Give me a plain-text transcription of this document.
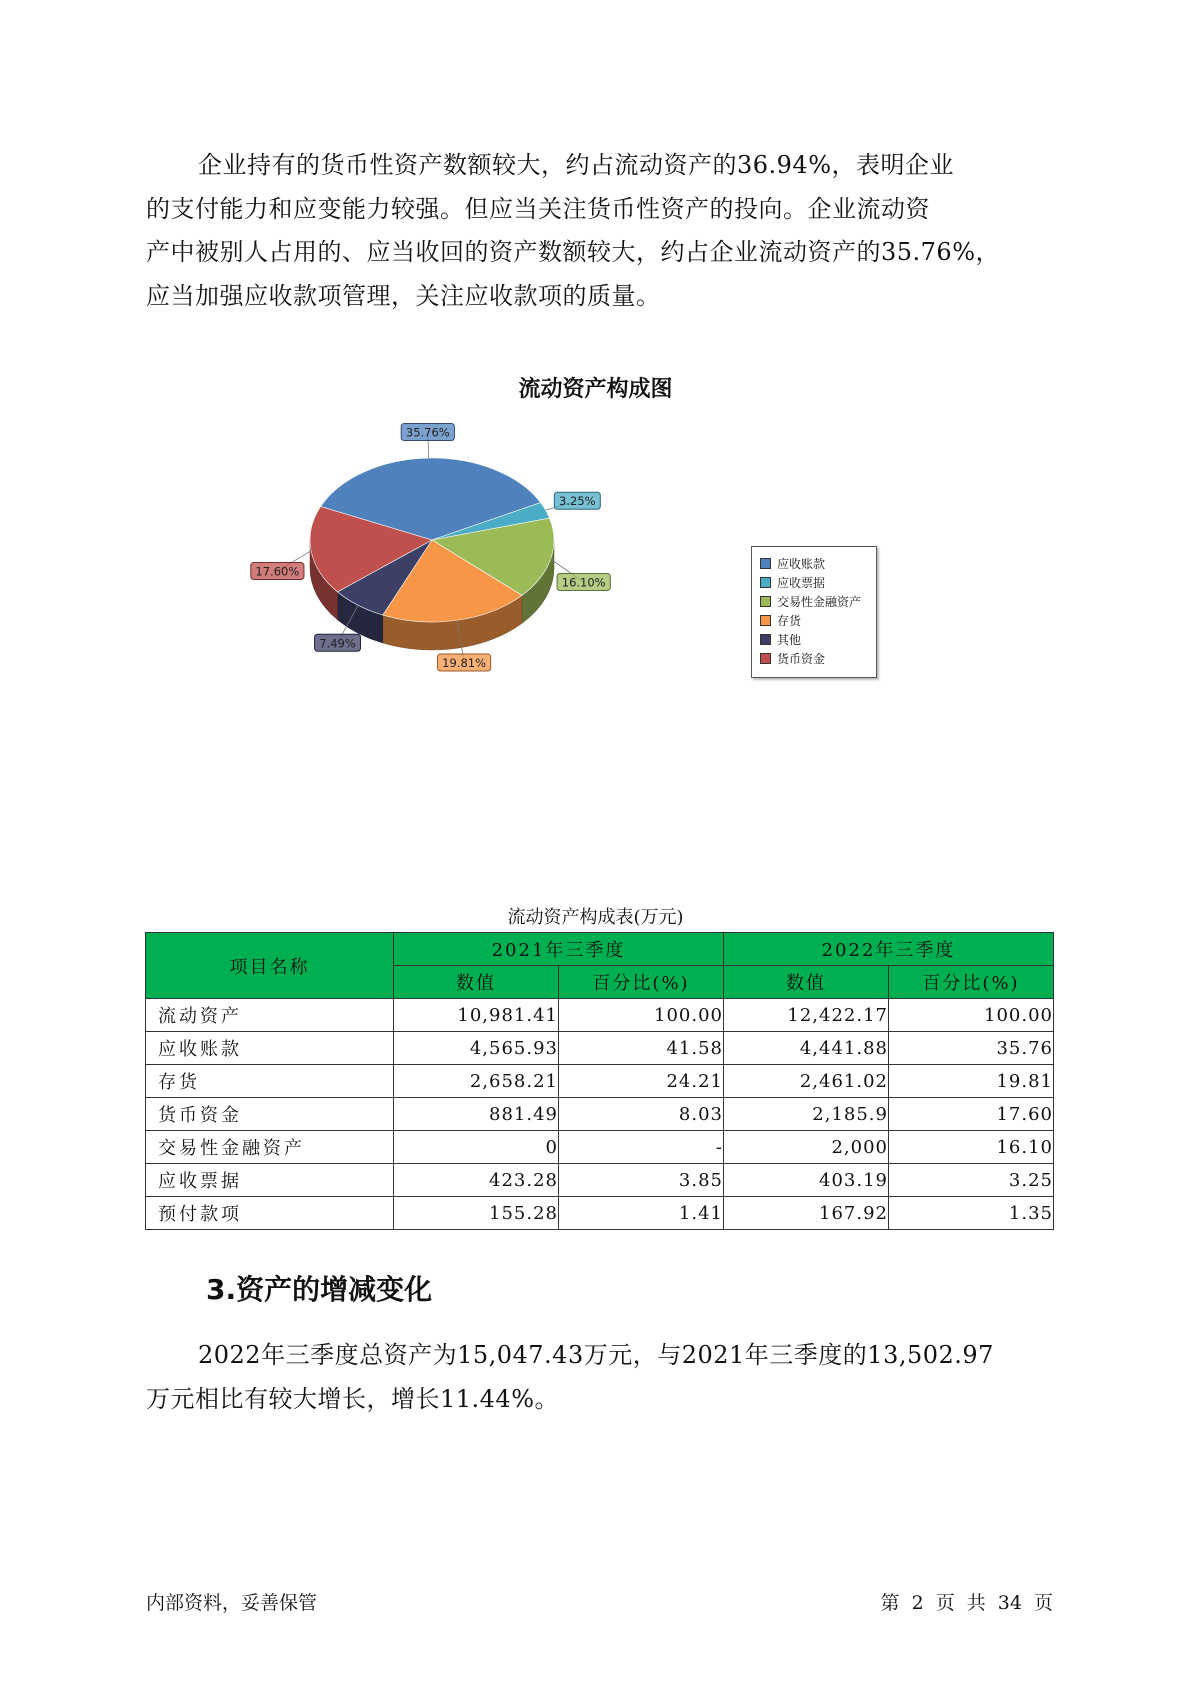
企业持有的货币性资产数额较大，约占流动资产的36.94%，表明企业
的支付能力和应变能力较强。但应当关注货币性资产的投向。企业流动资
产中被别人占用的、应当收回的资产数额较大，约占企业流动资产的35.76%，
应当加强应收款项管理，关注应收款项的质量。
流动资产构成图
35.76%
3.25%
16.10%
19.81%
7.49%
17.60%
应收账款
应收票据
交易性金融资产
存货
其他
货币资金
流动资产构成表(万元)
项目名称	2021年三季度		2022年三季度	
	数值	百分比(%)	数值	百分比(%)
流动资产	10,981.41	100.00	12,422.17	100.00
应收账款	4,565.93	41.58	4,441.88	35.76
存货	2,658.21	24.21	2,461.02	19.81
货币资金	881.49	8.03	2,185.9	17.60
交易性金融资产	0	-	2,000	16.10
应收票据	423.28	3.85	403.19	3.25
预付款项	155.28	1.41	167.92	1.35
3.资产的增减变化
2022年三季度总资产为15,047.43万元，与2021年三季度的13,502.97
万元相比有较大增长，增长11.44%。
内部资料，妥善保管	第 2 页 共 34 页
